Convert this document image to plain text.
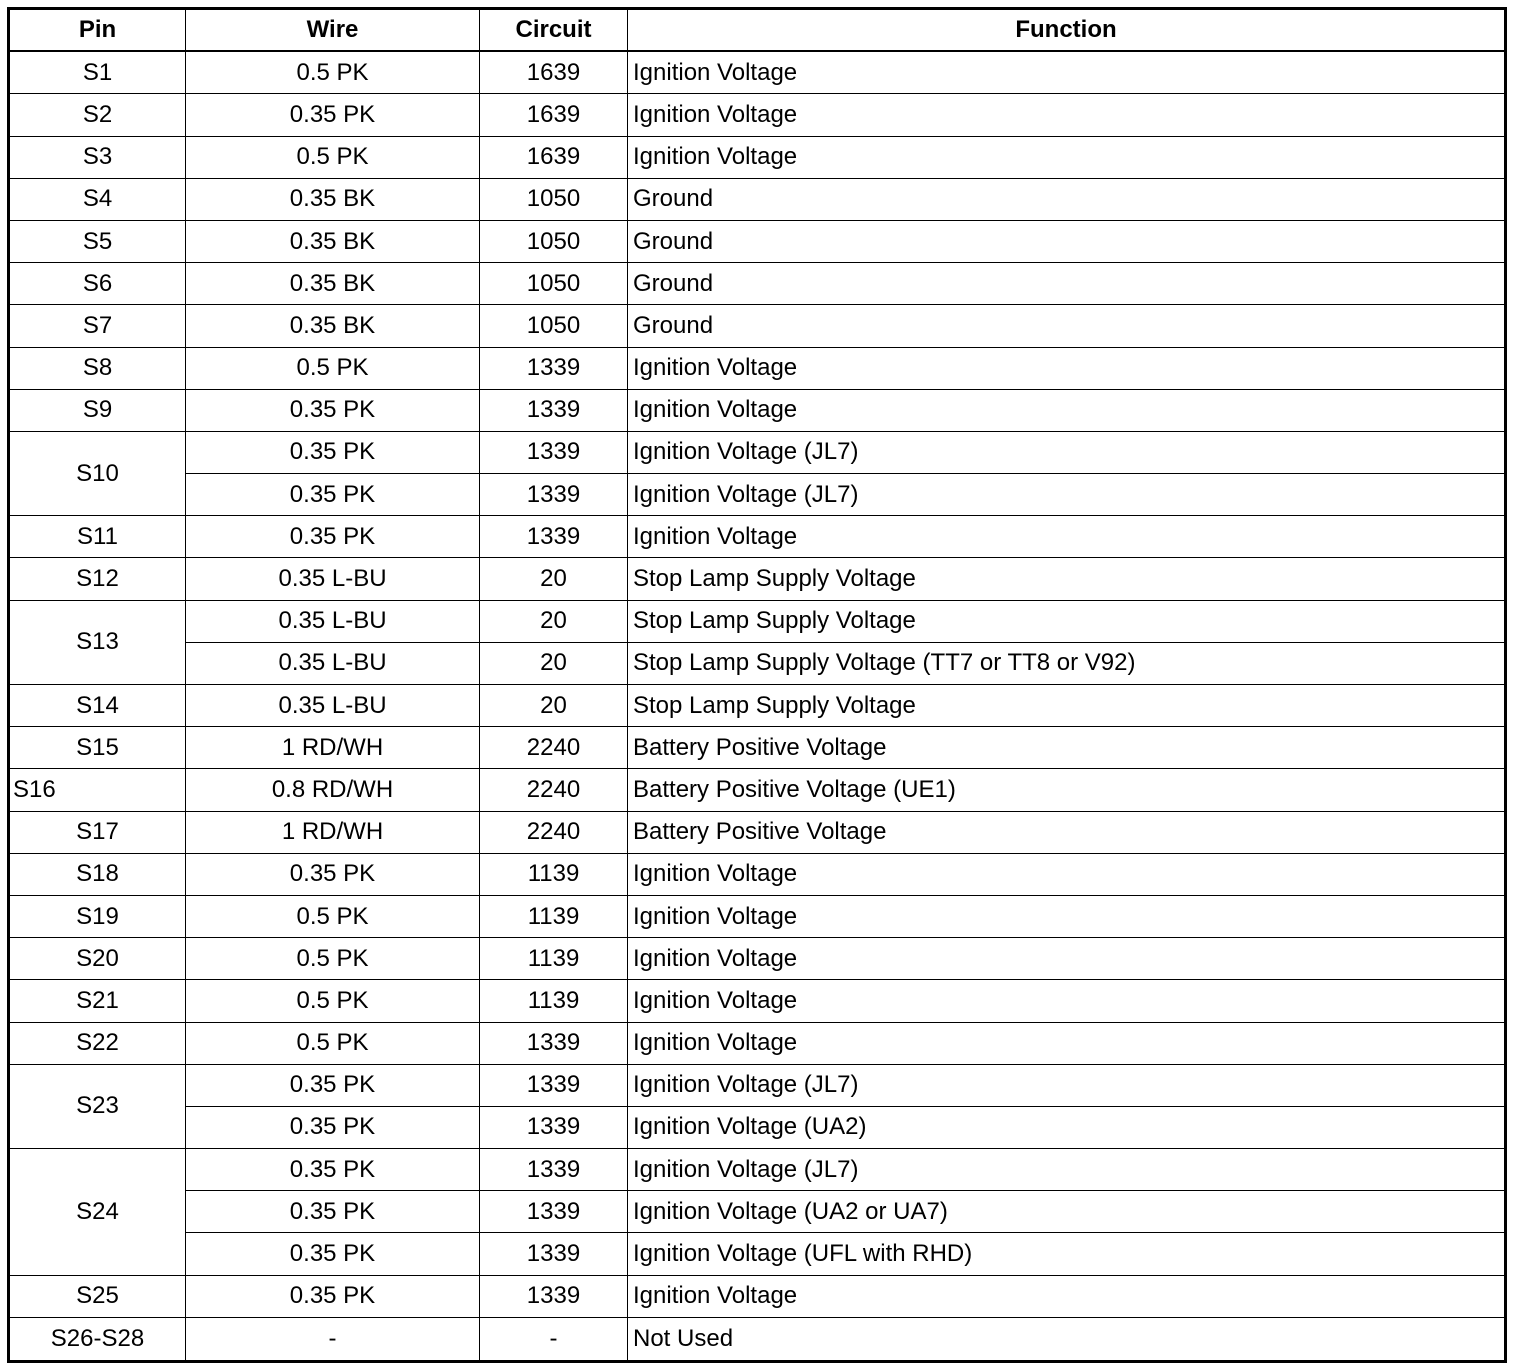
Pin	Wire	Circuit	Function
S1	0.5 PK	1639	Ignition Voltage
S2	0.35 PK	1639	Ignition Voltage
S3	0.5 PK	1639	Ignition Voltage
S4	0.35 BK	1050	Ground
S5	0.35 BK	1050	Ground
S6	0.35 BK	1050	Ground
S7	0.35 BK	1050	Ground
S8	0.5 PK	1339	Ignition Voltage
S9	0.35 PK	1339	Ignition Voltage
S10
0.35 PK	1339	Ignition Voltage (JL7)
0.35 PK	1339	Ignition Voltage (JL7)
S11	0.35 PK	1339	Ignition Voltage
S12	0.35 L-BU	20	Stop Lamp Supply Voltage
S13
0.35 L-BU	20	Stop Lamp Supply Voltage
0.35 L-BU	20	Stop Lamp Supply Voltage (TT7 or TT8 or V92)
S14	0.35 L-BU	20	Stop Lamp Supply Voltage
S15	1 RD/WH	2240	Battery Positive Voltage
S16	0.8 RD/WH	2240	Battery Positive Voltage (UE1)
S17	1 RD/WH	2240	Battery Positive Voltage
S18	0.35 PK	1139	Ignition Voltage
S19	0.5 PK	1139	Ignition Voltage
S20	0.5 PK	1139	Ignition Voltage
S21	0.5 PK	1139	Ignition Voltage
S22	0.5 PK	1339	Ignition Voltage
S23
0.35 PK	1339	Ignition Voltage (JL7)
0.35 PK	1339	Ignition Voltage (UA2)
S24
0.35 PK	1339	Ignition Voltage (JL7)
0.35 PK	1339	Ignition Voltage (UA2 or UA7)
0.35 PK	1339	Ignition Voltage (UFL with RHD)
S25	0.35 PK	1339	Ignition Voltage
S26-S28	-	-	Not Used
